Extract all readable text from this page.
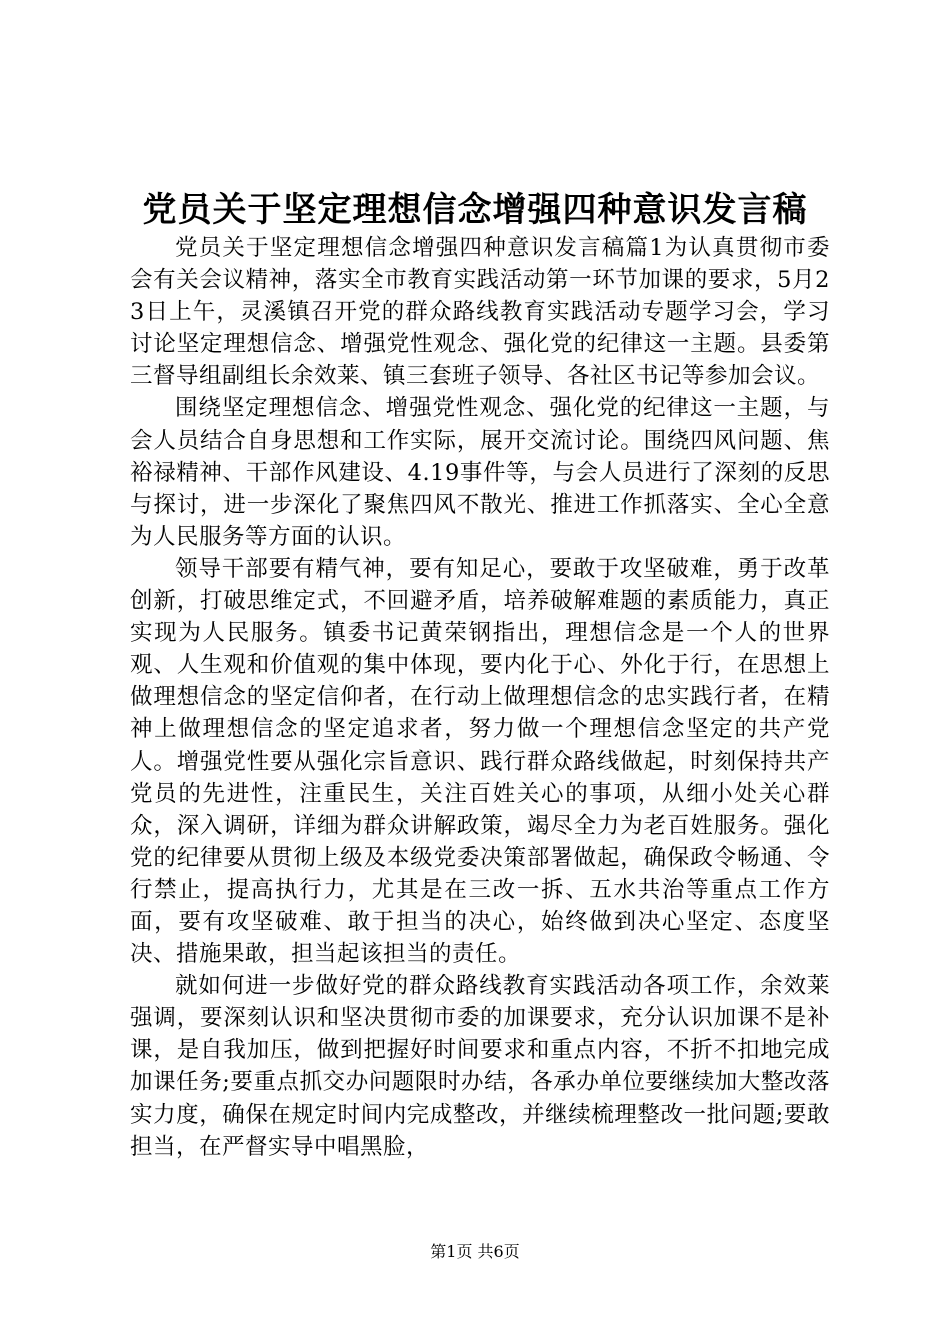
党员关于坚定理想信念增强四种意识发言稿

党员关于坚定理想信念增强四种意识发言稿篇1为认真贯彻市委会有关会议精神，落实全市教育实践活动第一环节加课的要求，5月23日上午，灵溪镇召开党的群众路线教育实践活动专题学习会，学习讨论坚定理想信念、增强党性观念、强化党的纪律这一主题。县委第三督导组副组长余效莱、镇三套班子领导、各社区书记等参加会议。

围绕坚定理想信念、增强党性观念、强化党的纪律这一主题，与会人员结合自身思想和工作实际，展开交流讨论。围绕四风问题、焦裕禄精神、干部作风建设、4.19事件等，与会人员进行了深刻的反思与探讨，进一步深化了聚焦四风不散光、推进工作抓落实、全心全意为人民服务等方面的认识。

领导干部要有精气神，要有知足心，要敢于攻坚破难，勇于改革创新，打破思维定式，不回避矛盾，培养破解难题的素质能力，真正实现为人民服务。镇委书记黄荣钢指出，理想信念是一个人的世界观、人生观和价值观的集中体现，要内化于心、外化于行，在思想上做理想信念的坚定信仰者，在行动上做理想信念的忠实践行者，在精神上做理想信念的坚定追求者，努力做一个理想信念坚定的共产党人。增强党性要从强化宗旨意识、践行群众路线做起，时刻保持共产党员的先进性，注重民生，关注百姓关心的事项，从细小处关心群众，深入调研，详细为群众讲解政策，竭尽全力为老百姓服务。强化党的纪律要从贯彻上级及本级党委决策部署做起，确保政令畅通、令行禁止，提高执行力，尤其是在三改一拆、五水共治等重点工作方面，要有攻坚破难、敢于担当的决心，始终做到决心坚定、态度坚决、措施果敢，担当起该担当的责任。

就如何进一步做好党的群众路线教育实践活动各项工作，余效莱强调，要深刻认识和坚决贯彻市委的加课要求，充分认识加课不是补课，是自我加压，做到把握好时间要求和重点内容，不折不扣地完成加课任务;要重点抓交办问题限时办结，各承办单位要继续加大整改落实力度，确保在规定时间内完成整改，并继续梳理整改一批问题;要敢担当，在严督实导中唱黑脸，

第1页 共6页
